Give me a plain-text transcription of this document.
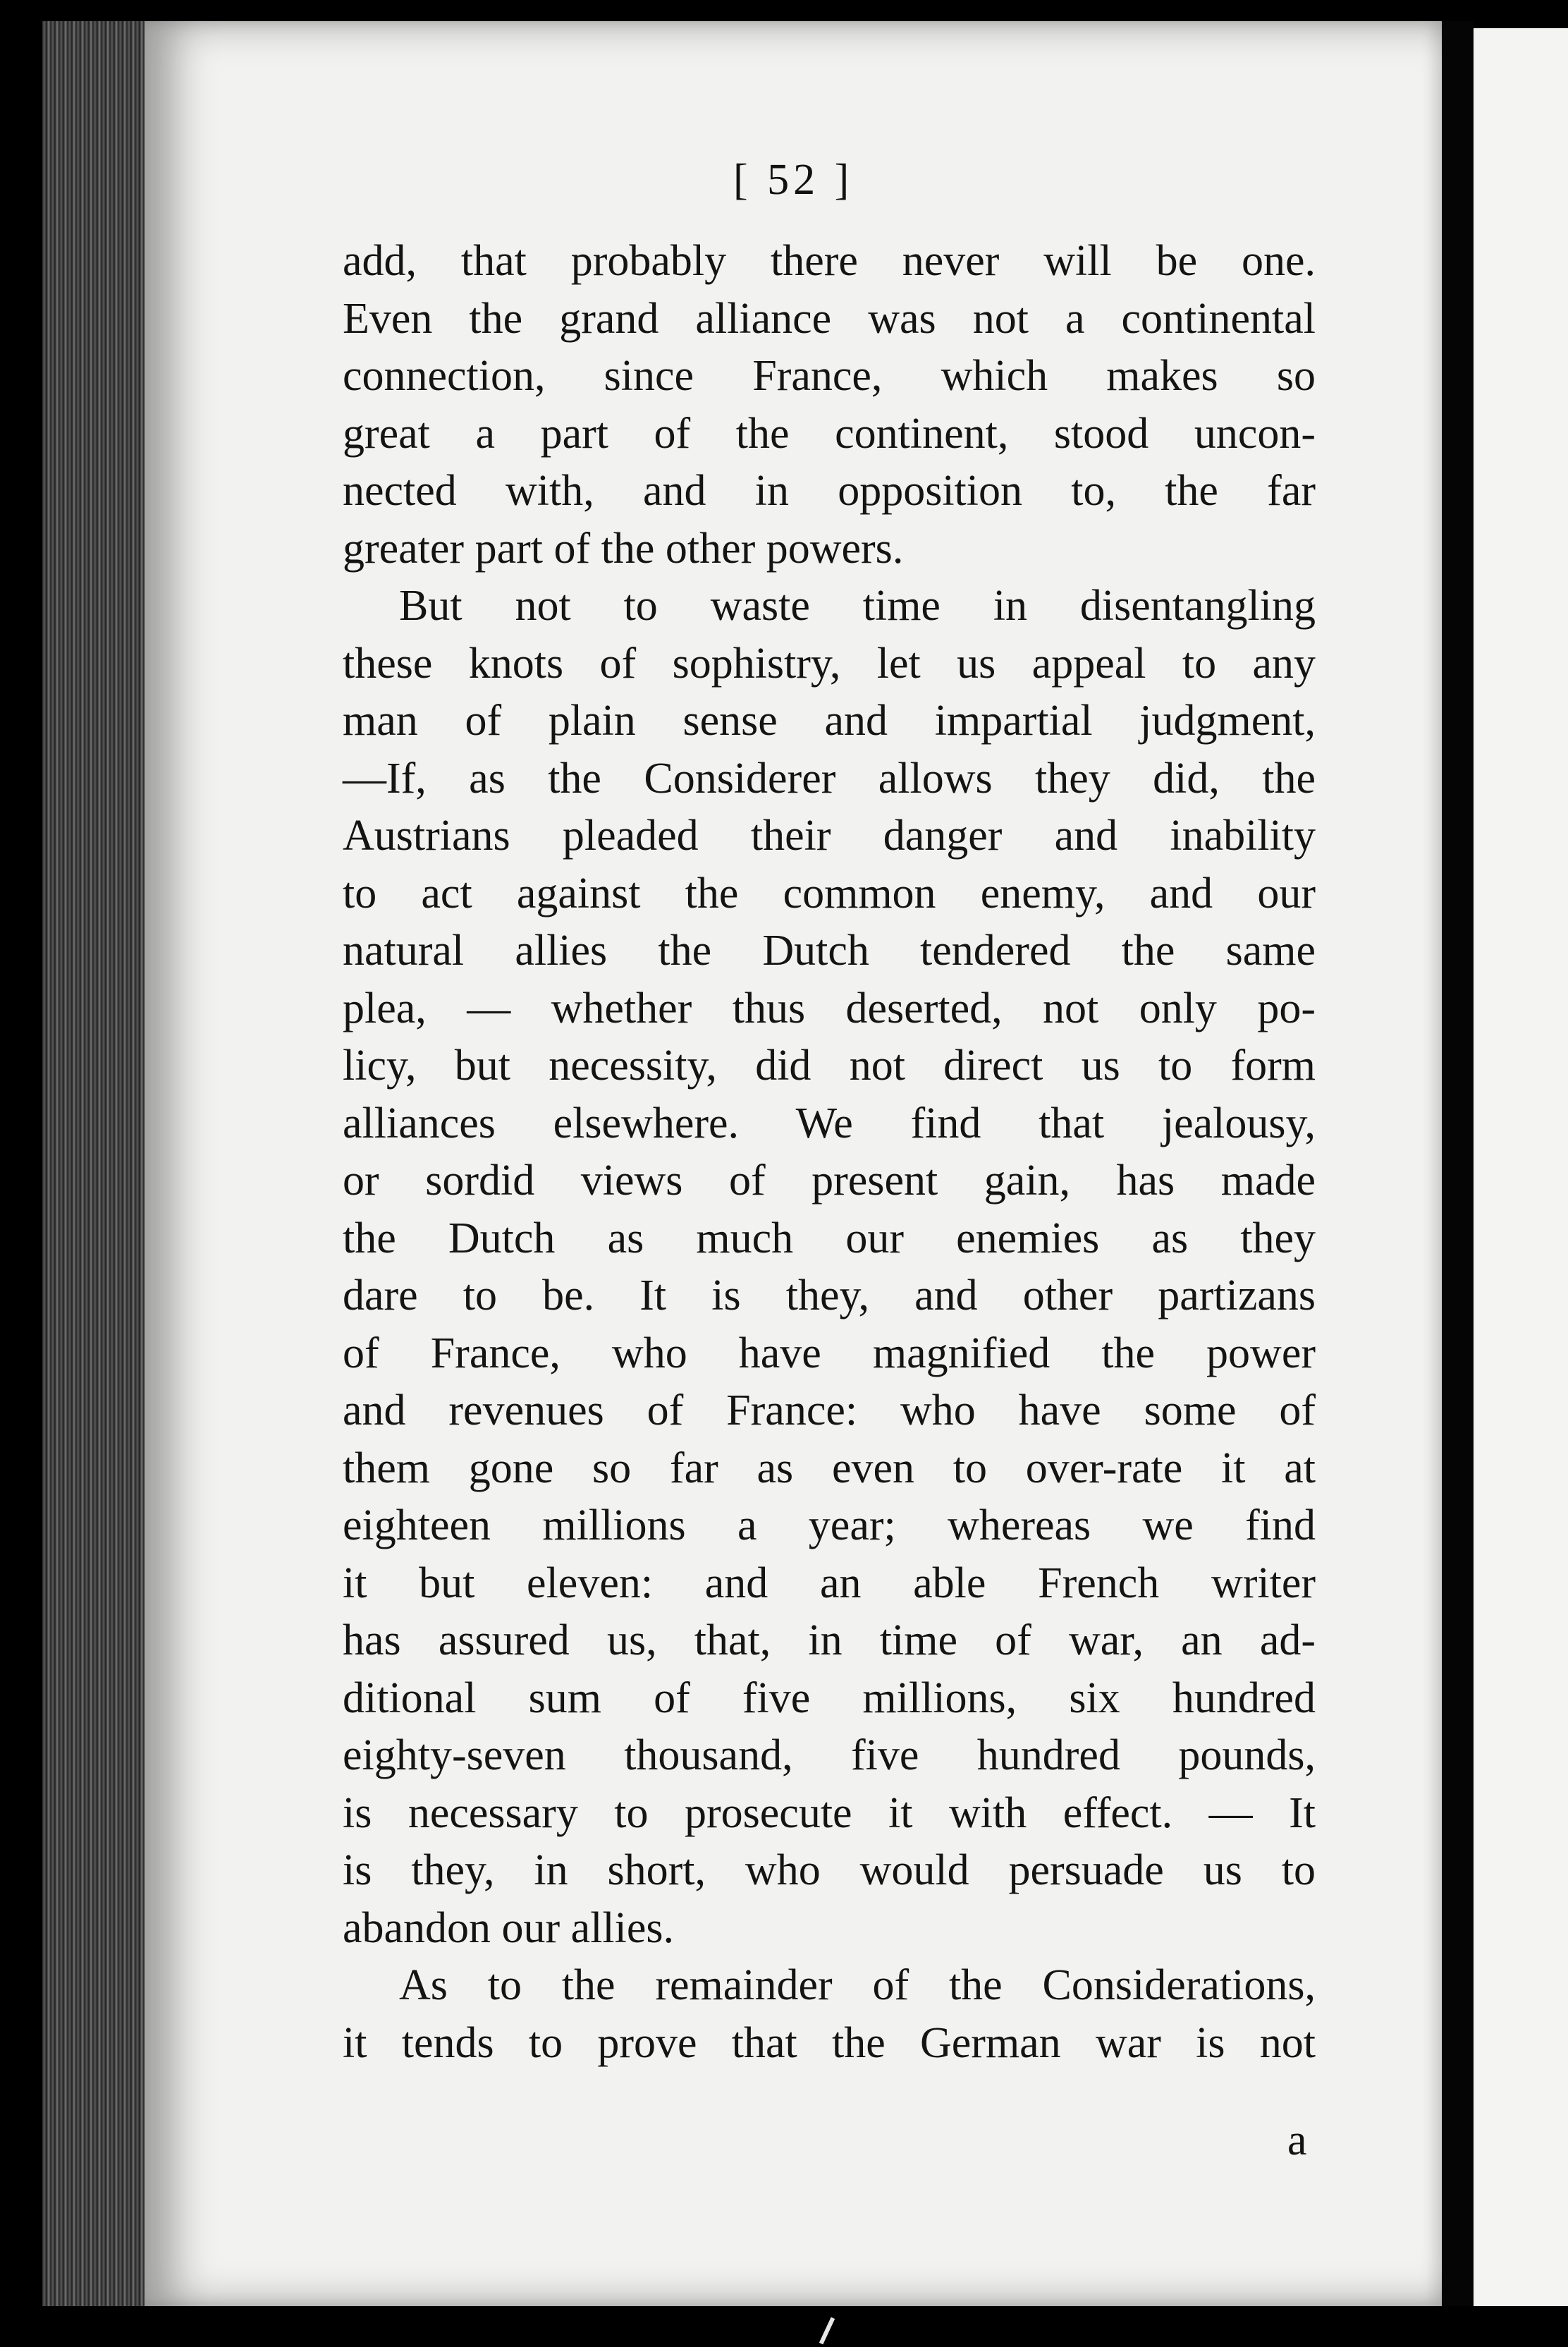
[ 52 ]
add, that probably there never will be one.
Even the grand alliance was not a continental
connection, since France, which makes so
great a part of the continent, stood uncon-
nected with, and in opposition to, the far
greater part of the other powers.
But not to waste time in disentangling
these knots of sophistry, let us appeal to any
man of plain sense and impartial judgment,
—If, as the Considerer allows they did, the
Austrians pleaded their danger and inability
to act against the common enemy, and our
natural allies the Dutch tendered the same
plea, — whether thus deserted, not only po-
licy, but necessity, did not direct us to form
alliances elsewhere. We find that jealousy,
or sordid views of present gain, has made
the Dutch as much our enemies as they
dare to be. It is they, and other partizans
of France, who have magnified the power
and revenues of France: who have some of
them gone so far as even to over-rate it at
eighteen millions a year; whereas we find
it but eleven: and an able French writer
has assured us, that, in time of war, an ad-
ditional sum of five millions, six hundred
eighty-seven thousand, five hundred pounds,
is necessary to prosecute it with effect. — It
is they, in short, who would persuade us to
abandon our allies.
As to the remainder of the Considerations,
it tends to prove that the German war is not
a
